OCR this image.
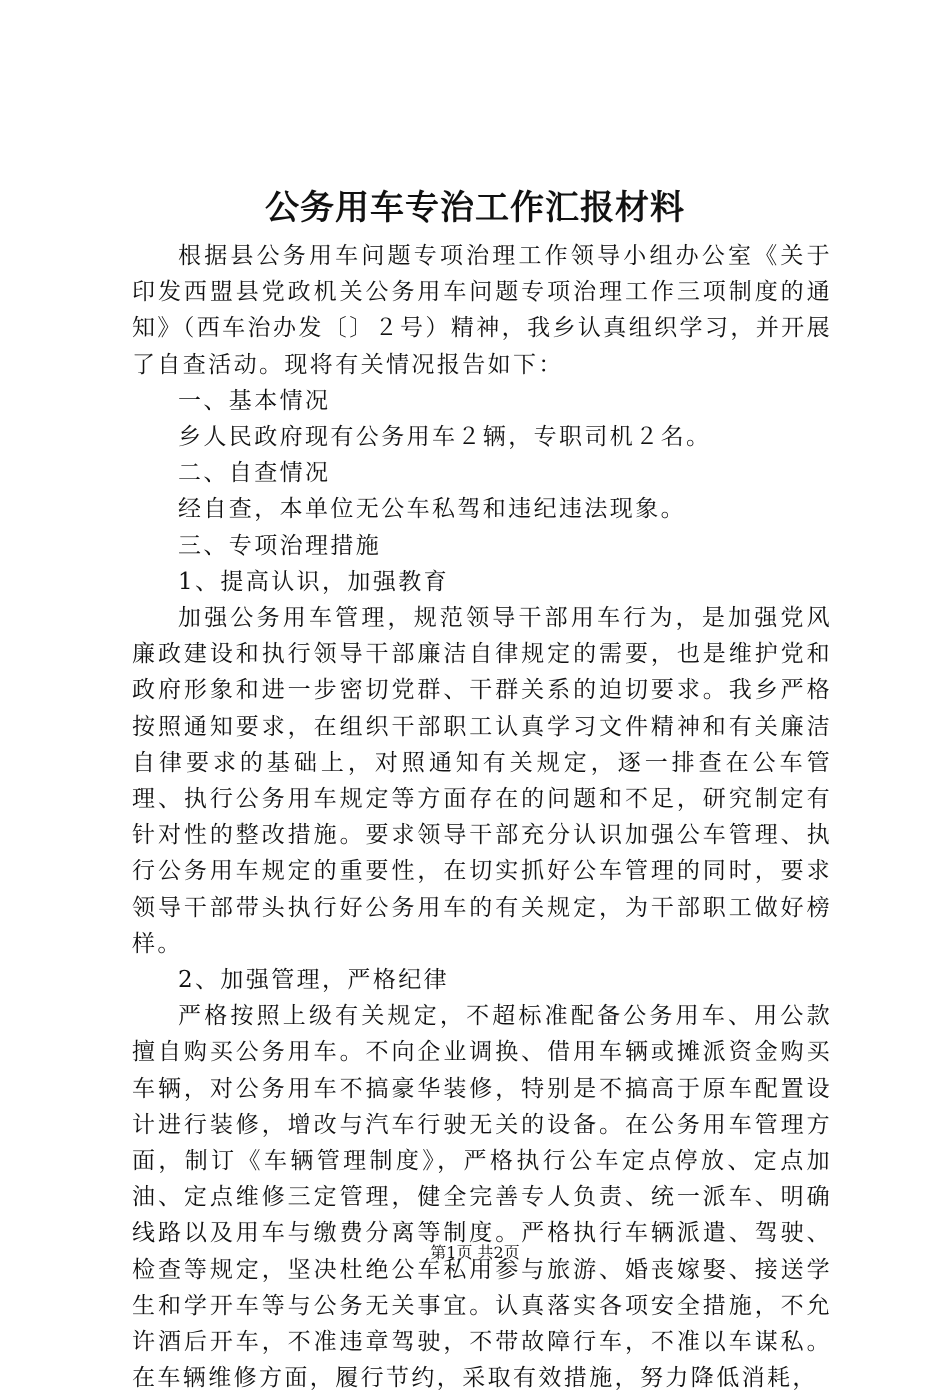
公务用车专治工作汇报材料

根据县公务用车问题专项治理工作领导小组办公室《关于印发西盟县党政机关公务用车问题专项治理工作三项制度的通知》（西车治办发〔〕２号）精神，我乡认真组织学习，并开展了自查活动。现将有关情况报告如下：

一、基本情况

乡人民政府现有公务用车２辆，专职司机２名。

二、自查情况

经自查，本单位无公车私驾和违纪违法现象。

三、专项治理措施

1、提高认识，加强教育

加强公务用车管理，规范领导干部用车行为，是加强党风廉政建设和执行领导干部廉洁自律规定的需要，也是维护党和政府形象和进一步密切党群、干群关系的迫切要求。我乡严格按照通知要求，在组织干部职工认真学习文件精神和有关廉洁自律要求的基础上，对照通知有关规定，逐一排查在公车管理、执行公务用车规定等方面存在的问题和不足，研究制定有针对性的整改措施。要求领导干部充分认识加强公车管理、执行公务用车规定的重要性，在切实抓好公车管理的同时，要求领导干部带头执行好公务用车的有关规定，为干部职工做好榜样。

2、加强管理，严格纪律

严格按照上级有关规定，不超标准配备公务用车、用公款擅自购买公务用车。不向企业调换、借用车辆或摊派资金购买车辆，对公务用车不搞豪华装修，特别是不搞高于原车配置设计进行装修，增改与汽车行驶无关的设备。在公务用车管理方面，制订《车辆管理制度》，严格执行公车定点停放、定点加油、定点维修三定管理，健全完善专人负责、统一派车、明确线路以及用车与缴费分离等制度。严格执行车辆派遣、驾驶、检查等规定，坚决杜绝公车私用参与旅游、婚丧嫁娶、接送学生和学开车等与公务无关事宜。认真落实各项安全措施，不允许酒后开车，不准违章驾驶，不带故障行车，不准以车谋私。在车辆维修方面，履行节约，采取有效措施，努力降低消耗，

第1页 共2页
